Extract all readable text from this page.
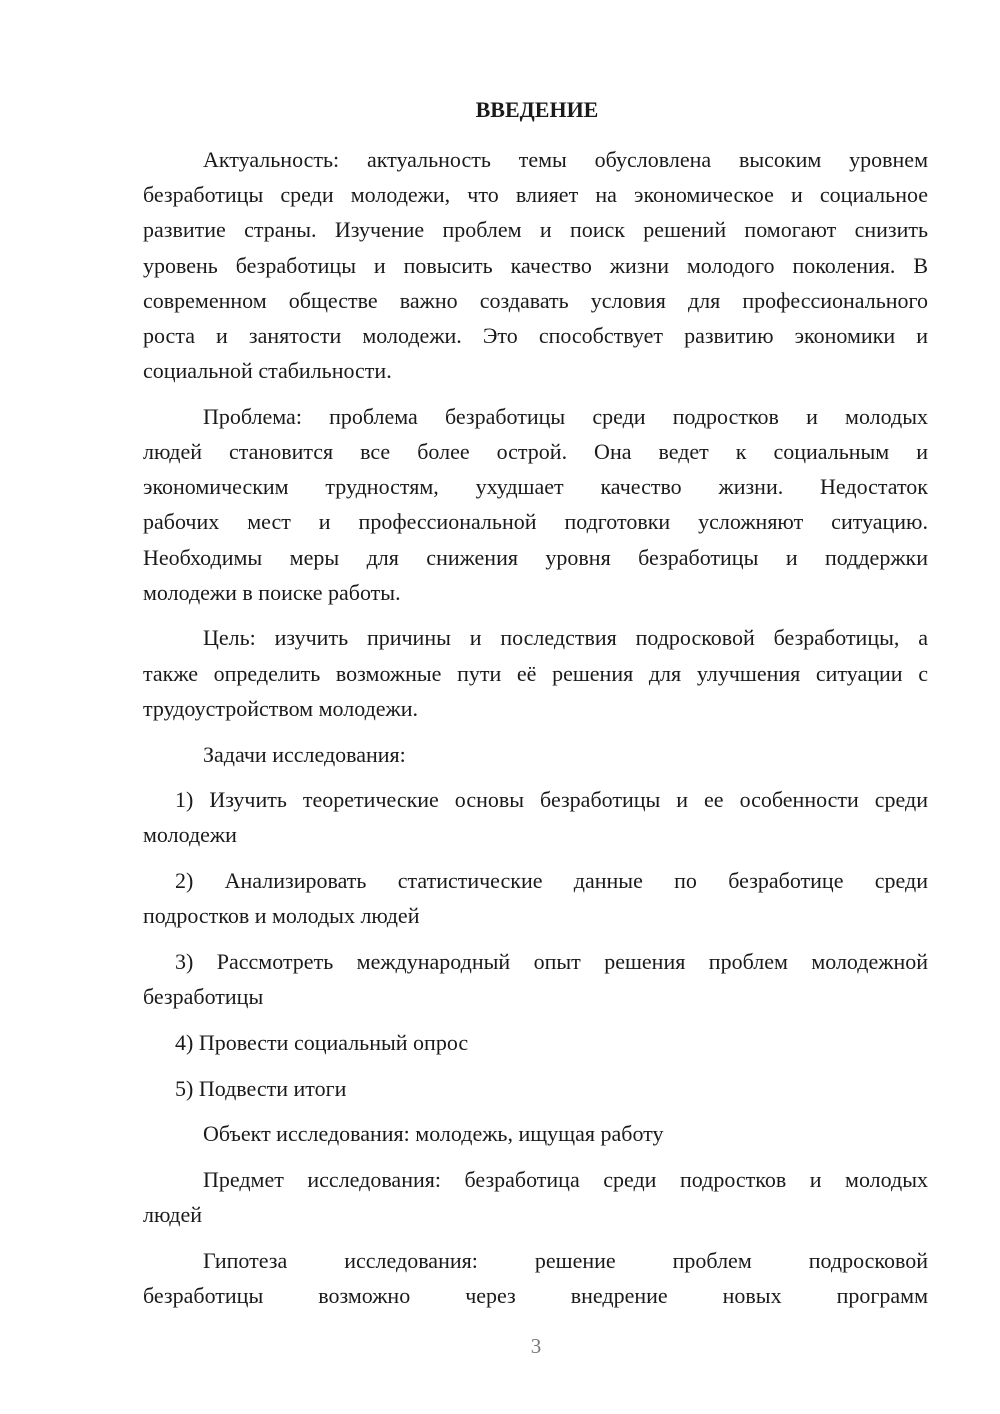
ВВЕДЕНИЕ
Актуальность: актуальность темы обусловлена высоким уровнем
безработицы среди молодежи, что влияет на экономическое и социальное
развитие страны. Изучение проблем и поиск решений помогают снизить
уровень безработицы и повысить качество жизни молодого поколения. В
современном обществе важно создавать условия для профессионального
роста и занятости молодежи. Это способствует развитию экономики и
социальной стабильности.
Проблема: проблема безработицы среди подростков и молодых
людей становится все более острой. Она ведет к социальным и
экономическим трудностям, ухудшает качество жизни. Недостаток
рабочих мест и профессиональной подготовки усложняют ситуацию.
Необходимы меры для снижения уровня безработицы и поддержки
молодежи в поиске работы.
Цель: изучить причины и последствия подросковой безработицы, а
также определить возможные пути её решения для улучшения ситуации с
трудоустройством молодежи.
Задачи исследования:
1) Изучить теоретические основы безработицы и ее особенности среди
молодежи
2) Анализировать статистические данные по безработице среди
подростков и молодых людей
3) Рассмотреть международный опыт решения проблем молодежной
безработицы
4) Провести социальный опрос
5) Подвести итоги
Объект исследования: молодежь, ищущая работу
Предмет исследования: безработица среди подростков и молодых
людей
Гипотеза исследования: решение проблем подросковой
безработицы возможно через внедрение новых программ
3
